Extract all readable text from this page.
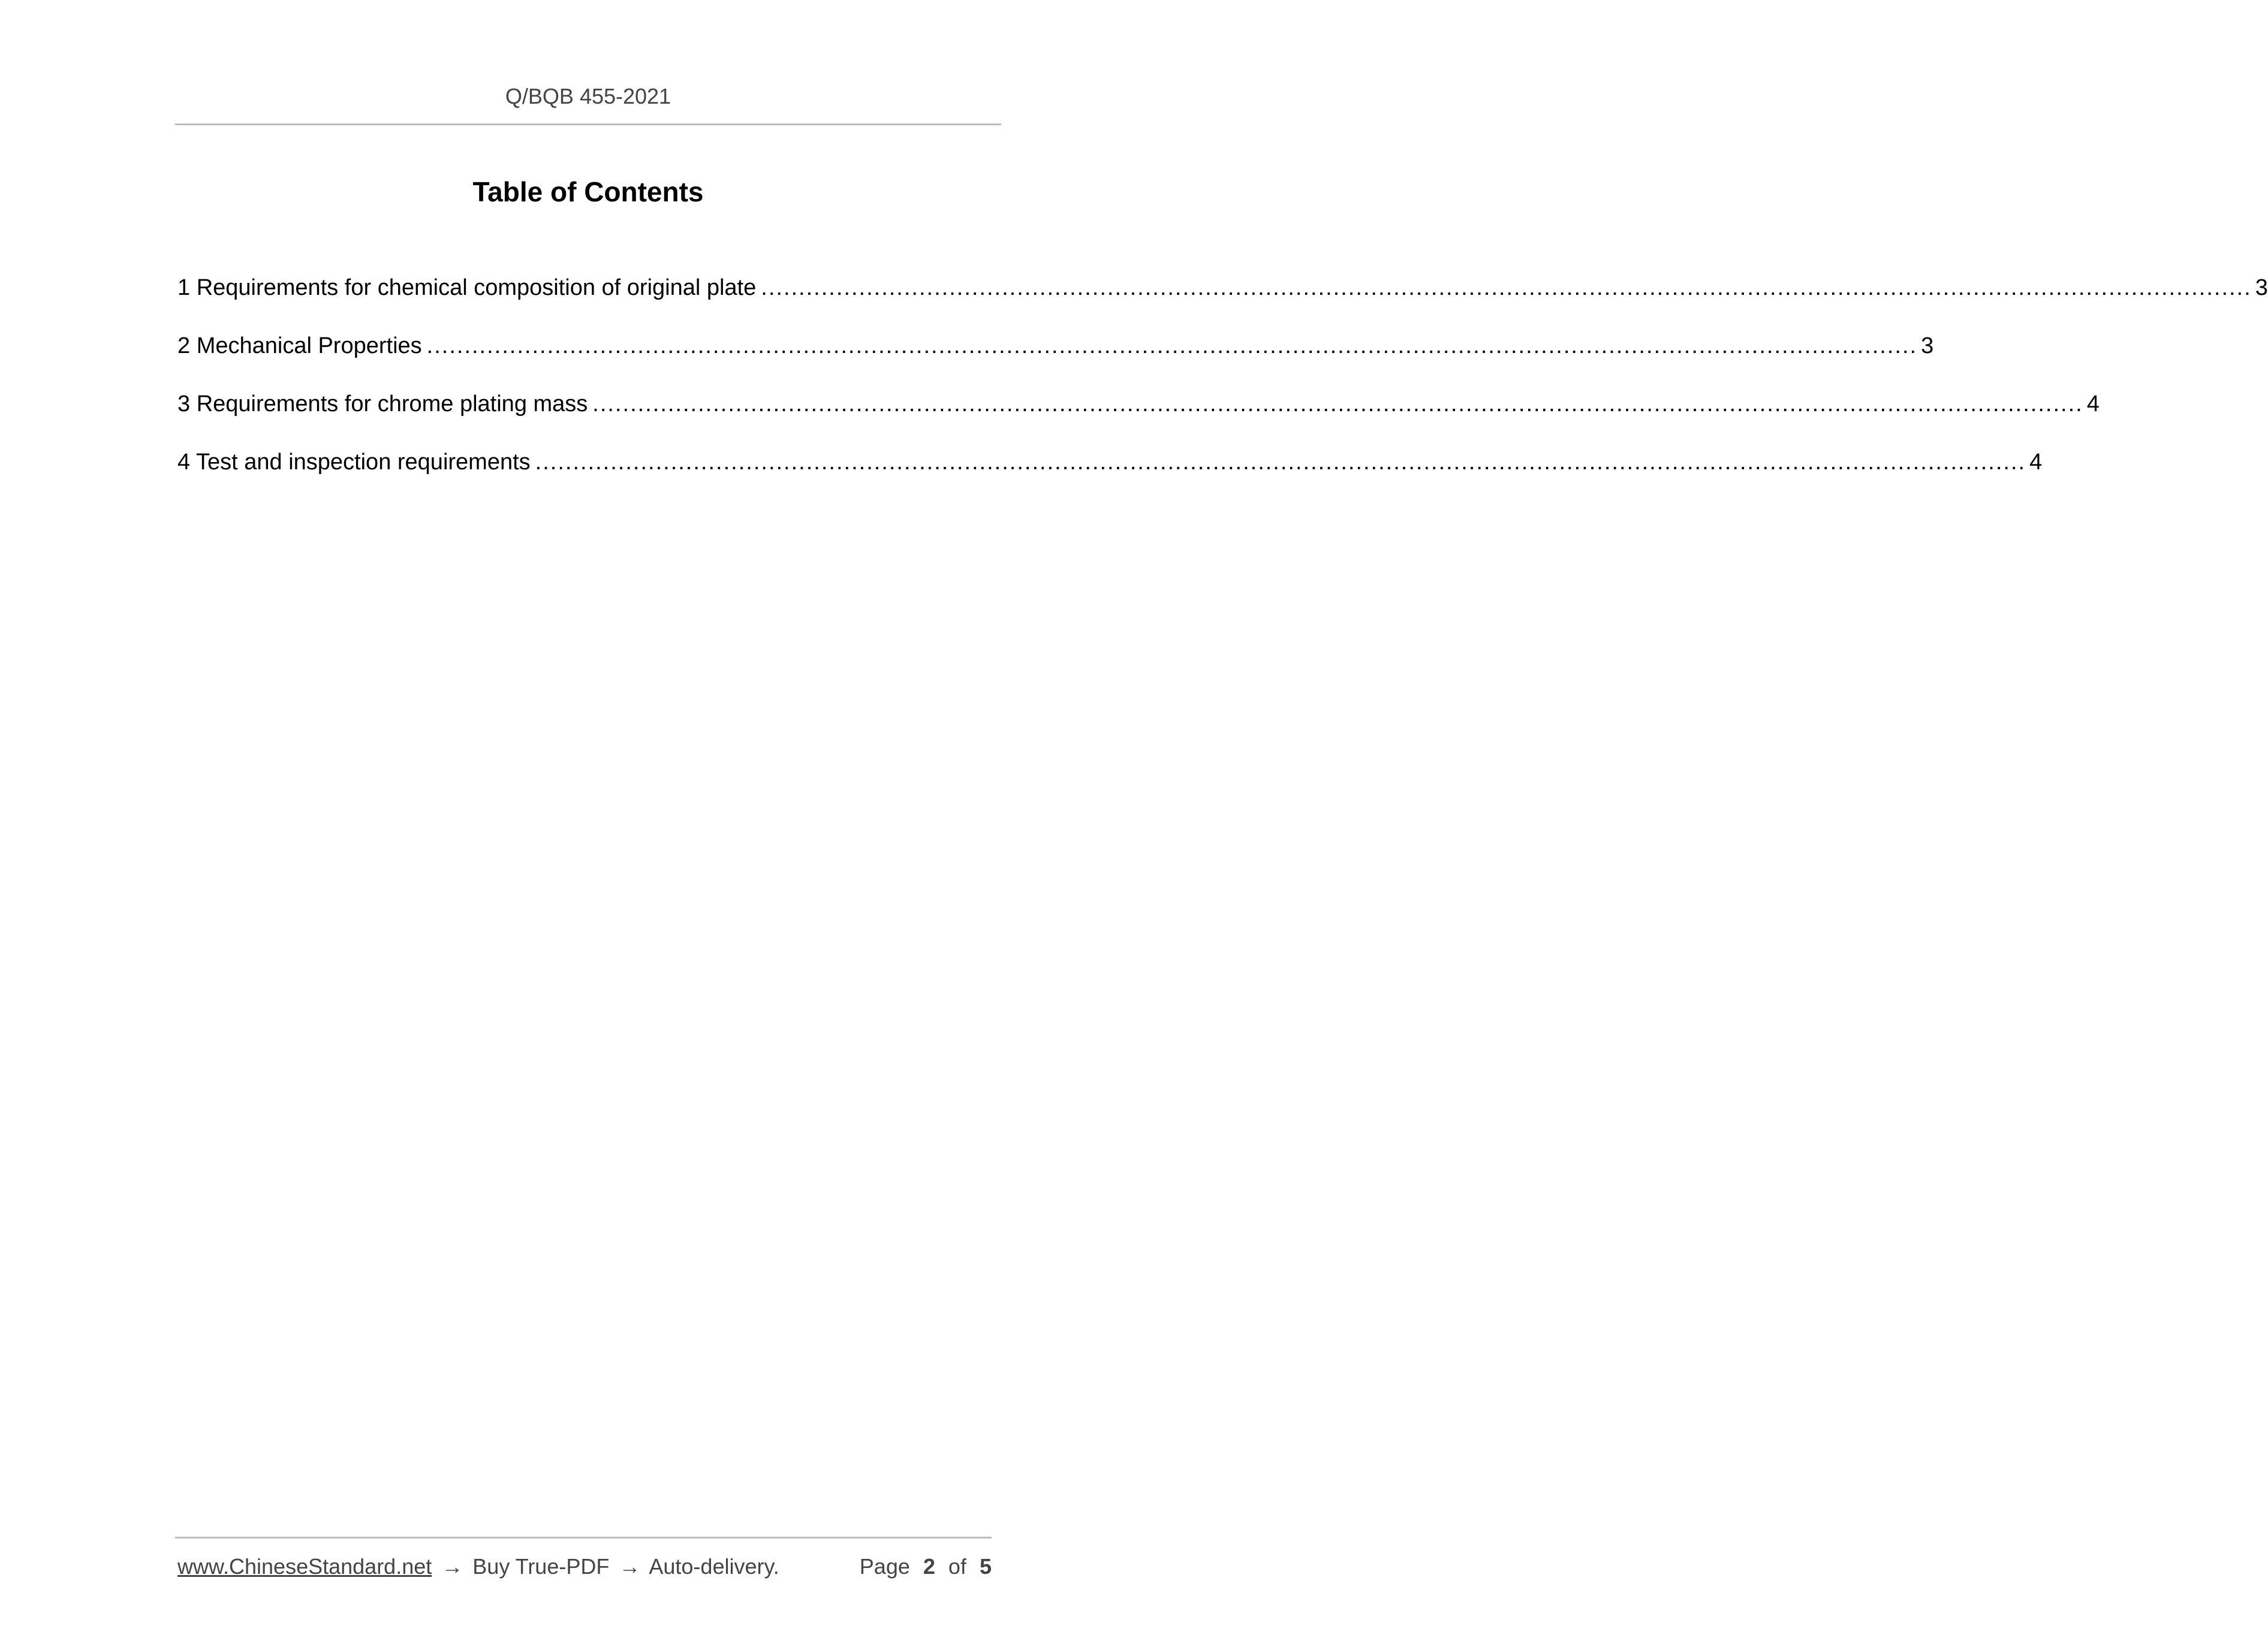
Q/BQB 455-2021
Table of Contents
1 Requirements for chemical composition of original plate ...................................................................................................................................................................................................... 3
2 Mechanical Properties ...................................................................................................................................................................................................... 3
3 Requirements for chrome plating mass ...................................................................................................................................................................................................... 4
4 Test and inspection requirements ...................................................................................................................................................................................................... 4
www.ChineseStandard.net → Buy True-PDF → Auto-delivery.	Page 2 of 5
